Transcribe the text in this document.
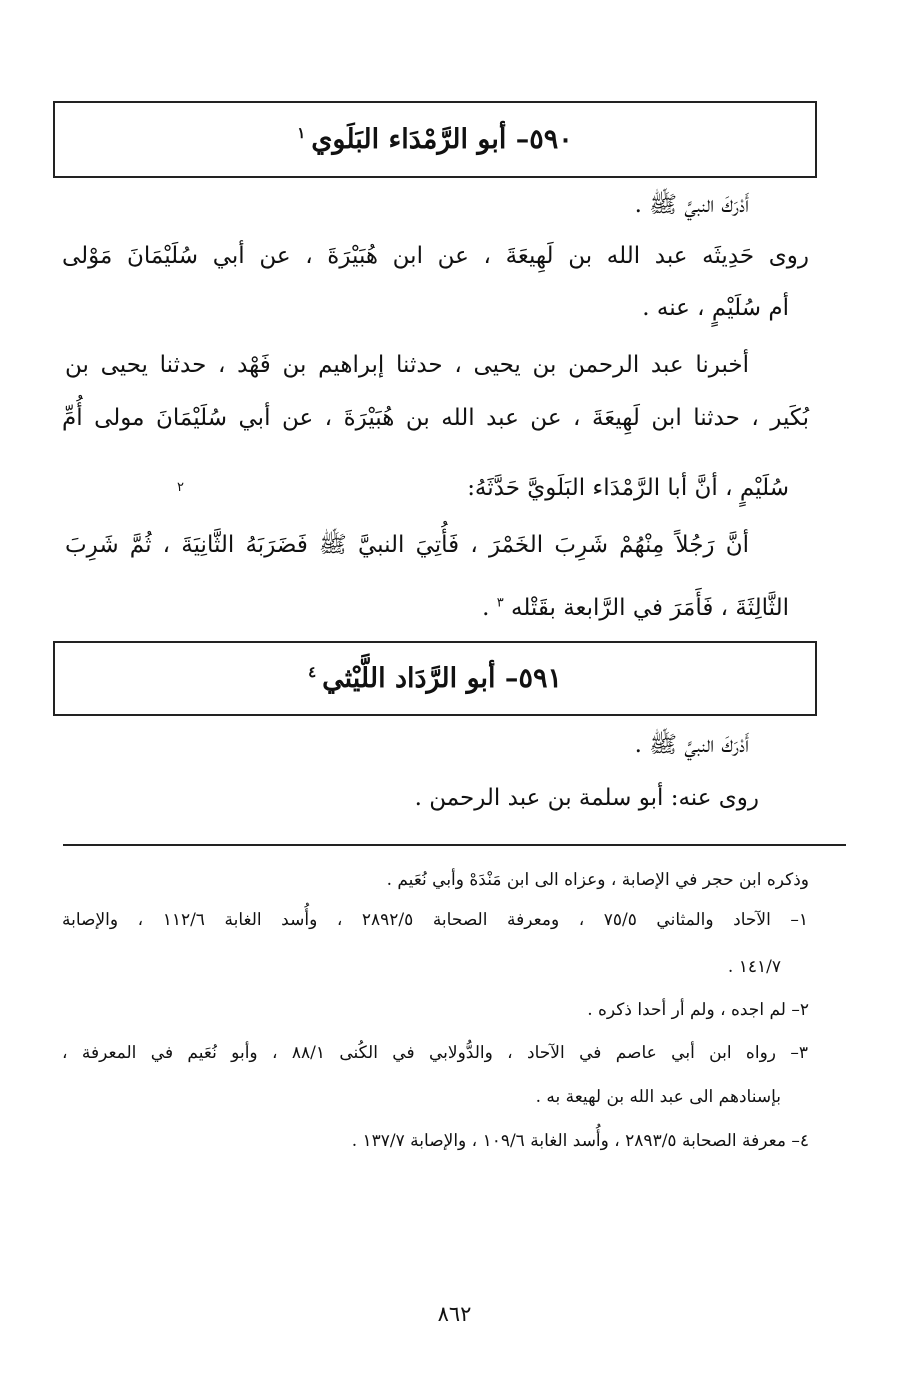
٥٩٠– أبو الرَّمْدَاء البَلَوي$^١$
أَدْرَكَ النبيَّ ﷺ .
روى حَدِيثَه عبد الله بن لَهِيعَةَ ، عن ابن هُبَيْرَةَ ، عن أبي سُلَيْمَانَ مَوْلى
أم سُلَيْمٍ ، عنه .
أخبرنا عبد الرحمن بن يحيى ، حدثنا إبراهيم بن فَهْد ، حدثنا يحيى بن
بُكَير ، حدثنا ابن لَهِيعَةَ ، عن عبد الله بن هُبَيْرَةَ ، عن أبي سُلَيْمَانَ مولى أُمِّ
سُلَيْمٍ ، أنَّ أبا الرَّمْدَاء البَلَويَّ حَدَّثَهُ:
أنَّ رَجُلاً مِنْهُمْ شَرِبَ الخَمْرَ ، فَأُتِيَ النبيَّ ﷺ فَضَرَبَهُ الثَّانِيَةَ ، ثُمَّ شَرِبَ
الثَّالِثَةَ ، فَأَمَرَ في الرَّابعة بقَتْله $^٣$ .
٢
٥٩١– أبو الرَّدَاد اللَّيْثي$^٤$
أَدْرَكَ النبيَّ ﷺ .
روى عنه: أبو سلمة بن عبد الرحمن .
وذكره ابن حجر في الإصابة ، وعزاه الى ابن مَنْدَهْ وأبي نُعَيم .
١– الآحاد والمثاني ٧٥/٥ ، ومعرفة الصحابة ٢٨٩٢/٥ ، وأُسد الغابة ١١٢/٦ ، والإصابة
١٤١/٧ .
٢– لم اجده ، ولم أر أحدا ذكره .
٣– رواه ابن أبي عاصم في الآحاد ، والدُّولابي في الكُنى ٨٨/١ ، وأبو نُعَيم في المعرفة ،
بإسنادهم الى عبد الله بن لهيعة به .
٤– معرفة الصحابة ٢٨٩٣/٥ ، وأُسد الغابة ١٠٩/٦ ، والإصابة ١٣٧/٧ .
٨٦٢
